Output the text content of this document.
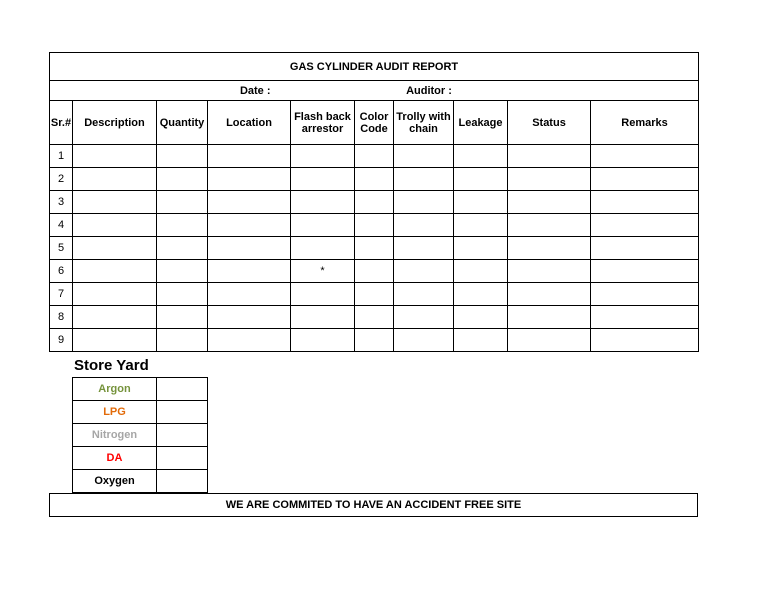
GAS CYLINDER AUDIT REPORT									
Date :				Auditor :					
Sr.#	Description	Quantity	Location	Flash back arrestor	Color Code	Trolly with chain	Leakage	Status	Remarks
1									
2									
3									
4									
5									
6				*					
7									
8									
9									
Store Yard
Argon	
LPG	
Nitrogen	
DA	
Oxygen	
WE ARE COMMITED TO HAVE AN ACCIDENT FREE SITE
